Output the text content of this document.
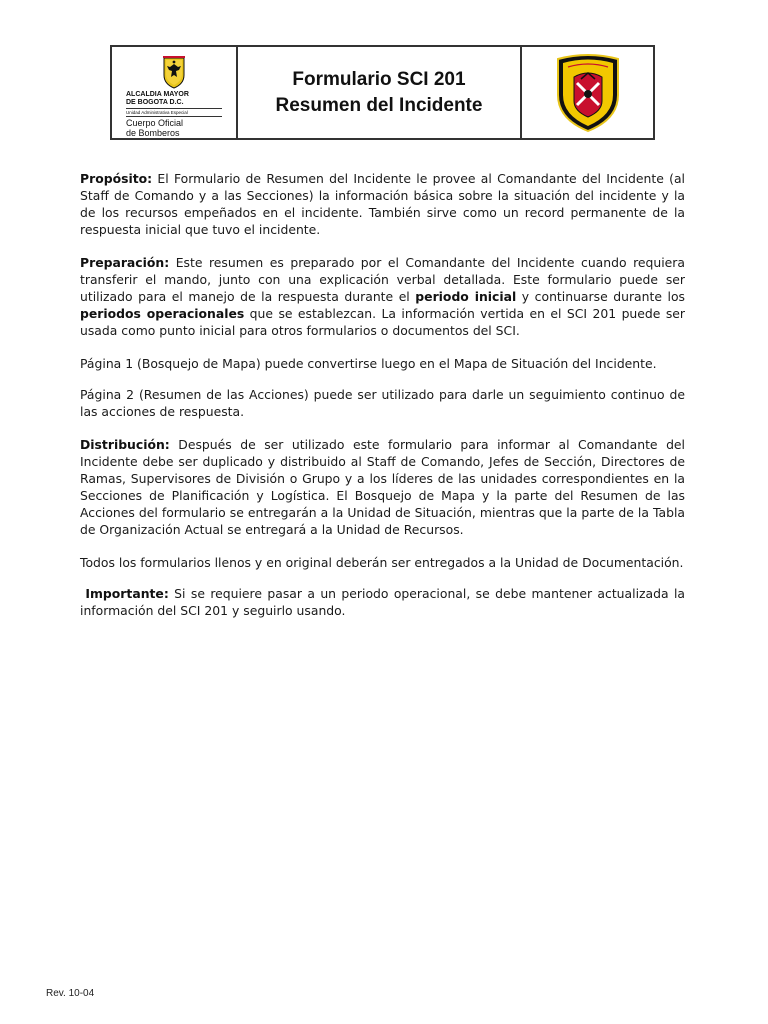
ALCALDIA MAYOR
DE BOGOTA D.C.
Unidad Administrativa Especial
Cuerpo Oficial
de Bomberos
Formulario SCI 201
Resumen del Incidente

Propósito: El Formulario de Resumen del Incidente le provee al Comandante del Incidente (al Staff de Comando y a las Secciones) la información básica sobre la situación del incidente y la de los recursos empeñados en el incidente. También sirve como un record permanente de la respuesta inicial que tuvo el incidente.

Preparación: Este resumen es preparado por el Comandante del Incidente cuando requiera transferir el mando, junto con una explicación verbal detallada. Este formulario puede ser utilizado para el manejo de la respuesta durante el periodo inicial y continuarse durante los periodos operacionales que se establezcan. La información vertida en el SCI 201 puede ser usada como punto inicial para otros formularios o documentos del SCI.

Página 1 (Bosquejo de Mapa) puede convertirse luego en el Mapa de Situación del Incidente.

Página 2 (Resumen de las Acciones) puede ser utilizado para darle un seguimiento continuo de las acciones de respuesta.

Distribución: Después de ser utilizado este formulario para informar al Comandante del Incidente debe ser duplicado y distribuido al Staff de Comando, Jefes de Sección, Directores de Ramas, Supervisores de División o Grupo y a los líderes de las unidades correspondientes en la Secciones de Planificación y Logística. El Bosquejo de Mapa y la parte del Resumen de las Acciones del formulario se entregarán a la Unidad de Situación, mientras que la parte de la Tabla de Organización Actual se entregará a la Unidad de Recursos.

Todos los formularios llenos y en original deberán ser entregados a la Unidad de Documentación.

Importante: Si se requiere pasar a un periodo operacional, se debe mantener actualizada la información del SCI 201 y seguirlo usando.

Rev. 10-04
